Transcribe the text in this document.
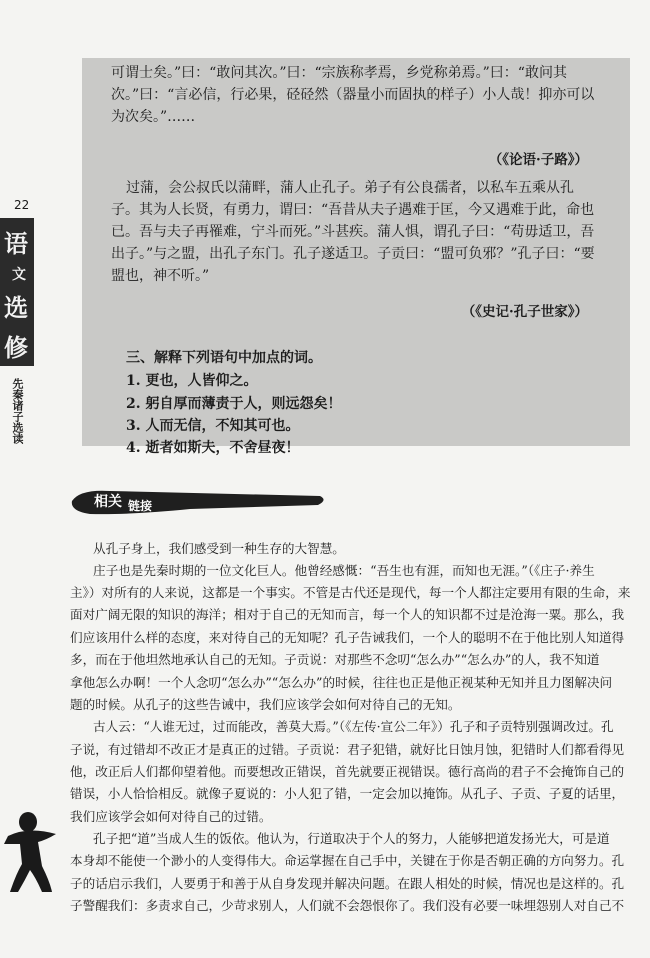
可谓士矣。”曰：“敢问其次。”曰：“宗族称孝焉，乡党称弟焉。”曰：“敢问其

次。”曰：“言必信，行必果，硁硁然（器量小而固执的样子）小人哉！抑亦可以

为次矣。”……

（《论语·子路》）

过蒲，会公叔氏以蒲畔，蒲人止孔子。弟子有公良孺者，以私车五乘从孔

子。其为人长贤，有勇力，谓曰：“吾昔从夫子遇难于匡，今又遇难于此，命也

已。吾与夫子再罹难，宁斗而死。”斗甚疾。蒲人惧，谓孔子曰：“苟毋适卫，吾

出子。”与之盟，出孔子东门。孔子遂适卫。子贡曰：“盟可负邪？”孔子曰：“要

盟也，神不听。”

（《史记·孔子世家》）

三、解释下列语句中加点的词。

1. 更也，人皆仰之。

2. 躬自厚而薄责于人，则远怨矣！

3. 人而无信，不知其可也。

4. 逝者如斯夫，不舍昼夜！

22
语
文
选
修
先秦诸子选读
相关 链接

从孔子身上，我们感受到一种生存的大智慧。

庄子也是先秦时期的一位文化巨人。他曾经感慨：“吾生也有涯，而知也无涯。”（《庄子·养生

主》）对所有的人来说，这都是一个事实。不管是古代还是现代，每一个人都注定要用有限的生命，来

面对广阔无限的知识的海洋；相对于自己的无知而言，每一个人的知识都不过是沧海一粟。那么，我

们应该用什么样的态度，来对待自己的无知呢？孔子告诫我们，一个人的聪明不在于他比别人知道得

多，而在于他坦然地承认自己的无知。子贡说：对那些不念叨“怎么办”“怎么办”的人，我不知道

拿他怎么办啊！一个人念叨“怎么办”“怎么办”的时候，往往也正是他正视某种无知并且力图解决问

题的时候。从孔子的这些告诫中，我们应该学会如何对待自己的无知。

古人云：“人谁无过，过而能改，善莫大焉。”（《左传·宣公二年》）孔子和子贡特别强调改过。孔

子说，有过错却不改正才是真正的过错。子贡说：君子犯错，就好比日蚀月蚀，犯错时人们都看得见

他，改正后人们都仰望着他。而要想改正错误，首先就要正视错误。德行高尚的君子不会掩饰自己的

错误，小人恰恰相反。就像子夏说的：小人犯了错，一定会加以掩饰。从孔子、子贡、子夏的话里，

我们应该学会如何对待自己的过错。

孔子把“道”当成人生的饭依。他认为，行道取决于个人的努力，人能够把道发扬光大，可是道

本身却不能使一个渺小的人变得伟大。命运掌握在自己手中，关键在于你是否朝正确的方向努力。孔

子的话启示我们，人要勇于和善于从自身发现并解决问题。在跟人相处的时候，情况也是这样的。孔

子警醒我们：多责求自己，少苛求别人，人们就不会怨恨你了。我们没有必要一味埋怨别人对自己不
